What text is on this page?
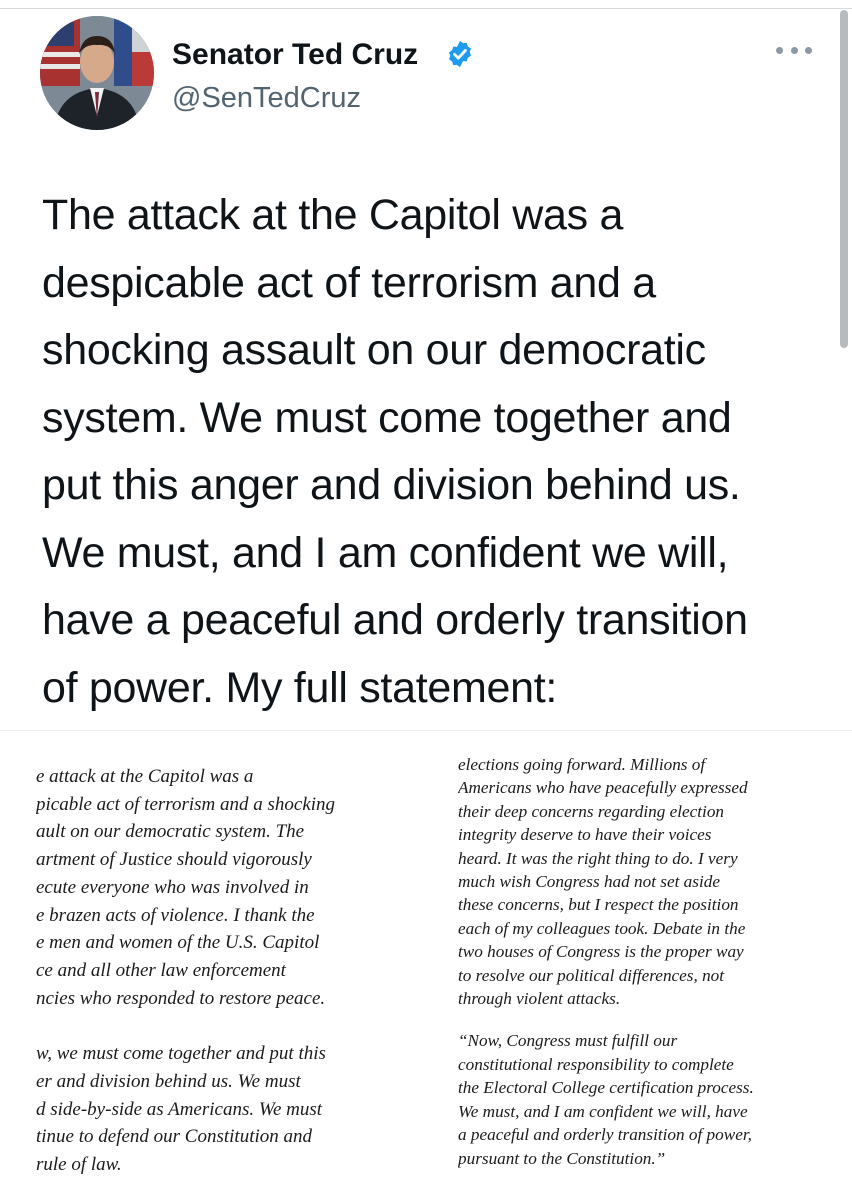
Senator Ted Cruz
@SenTedCruz
The attack at the Capitol was a
despicable act of terrorism and a
shocking assault on our democratic
system. We must come together and
put this anger and division behind us.
We must, and I am confident we will,
have a peaceful and orderly transition
of power. My full statement:

e attack at the Capitol was a

picable act of terrorism and a shocking

ault on our democratic system. The

artment of Justice should vigorously

ecute everyone who was involved in

e brazen acts of violence. I thank the

e men and women of the U.S. Capitol

ce and all other law enforcement

ncies who responded to restore peace.

w, we must come together and put this

er and division behind us. We must

d side-by-side as Americans. We must

tinue to defend our Constitution and

rule of law.

elections going forward. Millions of

Americans who have peacefully expressed

their deep concerns regarding election

integrity deserve to have their voices

heard. It was the right thing to do. I very

much wish Congress had not set aside

these concerns, but I respect the position

each of my colleagues took. Debate in the

two houses of Congress is the proper way

to resolve our political differences, not

through violent attacks.

“Now, Congress must fulfill our

constitutional responsibility to complete

the Electoral College certification process.

We must, and I am confident we will, have

a peaceful and orderly transition of power,

pursuant to the Constitution.”
